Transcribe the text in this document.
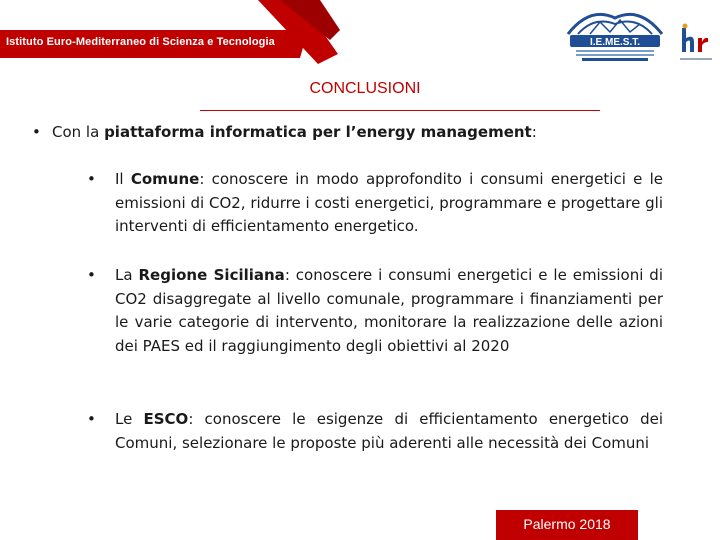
Istituto Euro-Mediterraneo di Scienza e Tecnologia	I.E.ME.S.T.
CONCLUSIONI
• Con la piattaforma informatica per l’energy management:
• Il Comune: conoscere in modo approfondito i consumi energetici e le emissioni di CO2, ridurre i costi energetici, programmare e progettare gli interventi di efficientamento energetico.
• La Regione Siciliana: conoscere i consumi energetici e le emissioni di CO2 disaggregate al livello comunale, programmare i finanziamenti per le varie categorie di intervento, monitorare la realizzazione delle azioni dei PAES ed il raggiungimento degli obiettivi al 2020
• Le ESCO: conoscere le esigenze di efficientamento energetico dei Comuni, selezionare le proposte più aderenti alle necessità dei Comuni
Palermo 2018
